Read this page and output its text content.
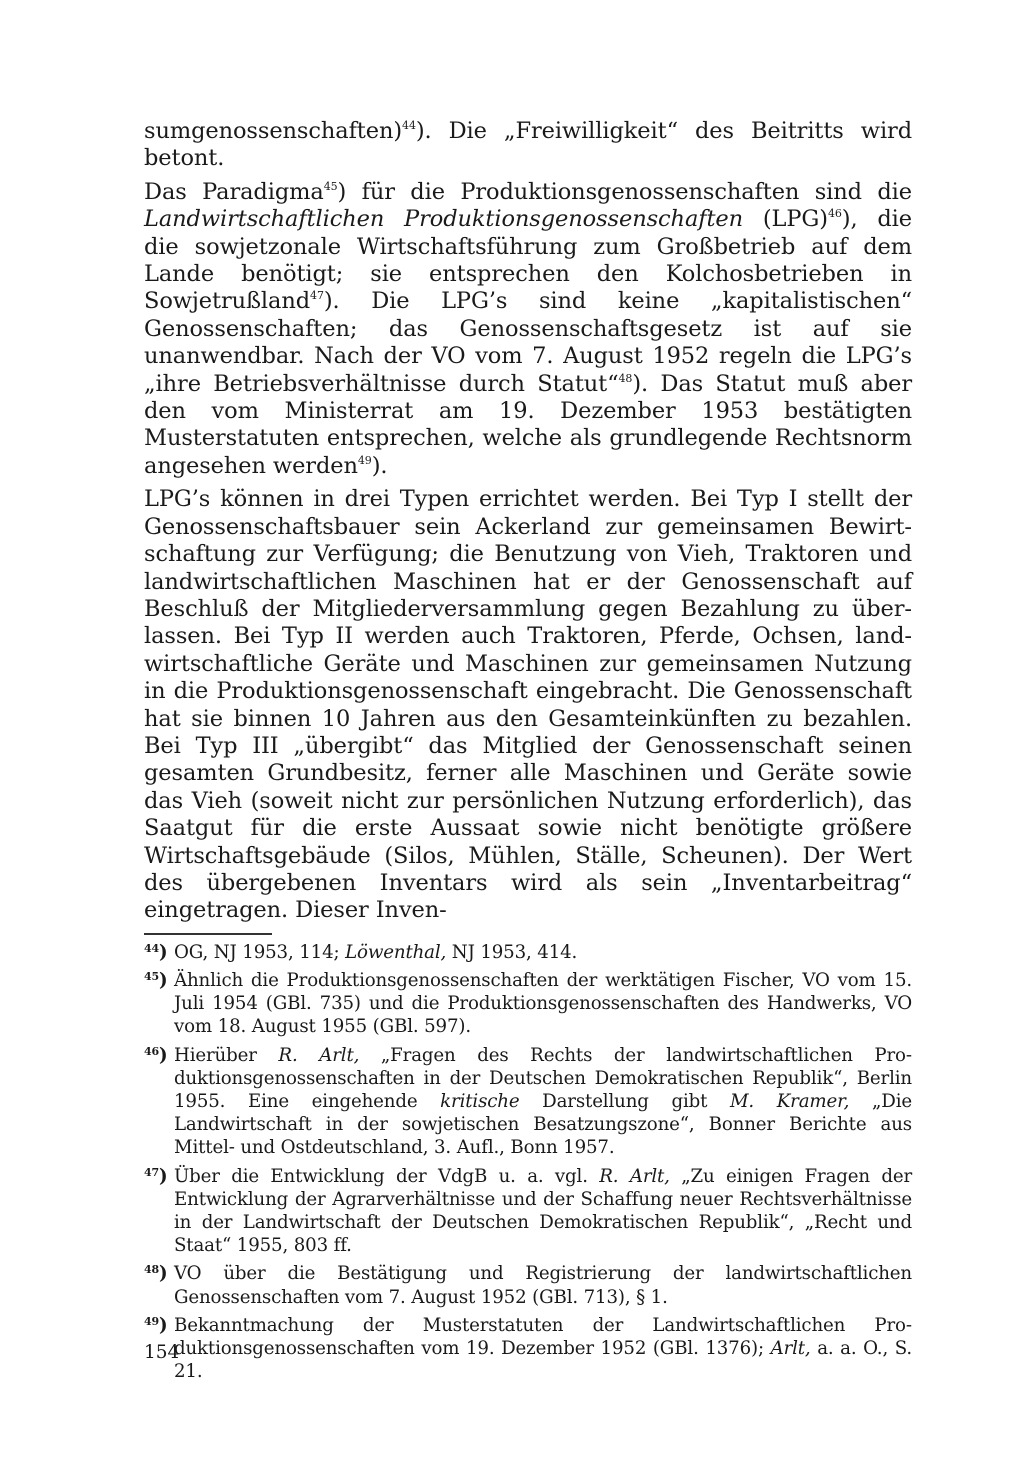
sumgenossenschaften)$^{44}$). Die „Freiwilligkeit“ des Beitritts wird betont.

Das Paradigma$^{45}$) für die Produktionsgenossenschaften sind die Landwirtschaftlichen Produktionsgenossenschaften (LPG)$^{46}$), die die sowjetzonale Wirtschaftsführung zum Großbetrieb auf dem Lande benötigt; sie entsprechen den Kolchosbetrieben in Sowjetrußland$^{47}$). Die LPG’s sind keine „kapitalistischen“ Genossenschaften; das Genossenschaftsgesetz ist auf sie unanwendbar. Nach der VO vom 7. August 1952 regeln die LPG’s „ihre Betriebsverhältnisse durch Statut“$^{48}$). Das Statut muß aber den vom Ministerrat am 19. Dezember 1953 bestätigten Musterstatuten entsprechen, welche als grundlegende Rechtsnorm angesehen werden$^{49}$).

LPG’s können in drei Typen errichtet werden. Bei Typ I stellt der Genossenschaftsbauer sein Ackerland zur gemeinsamen Bewirtschaftung zur Verfügung; die Benutzung von Vieh, Traktoren und landwirtschaftlichen Maschinen hat er der Genossenschaft auf Beschluß der Mitgliederversammlung gegen Bezahlung zu überlassen. Bei Typ II werden auch Traktoren, Pferde, Ochsen, landwirtschaftliche Geräte und Maschinen zur gemeinsamen Nutzung in die Produktionsgenossenschaft eingebracht. Die Genossenschaft hat sie binnen 10 Jahren aus den Gesamteinkünften zu bezahlen. Bei Typ III „übergibt“ das Mitglied der Genossenschaft seinen gesamten Grundbesitz, ferner alle Maschinen und Geräte sowie das Vieh (soweit nicht zur persönlichen Nutzung erforderlich), das Saatgut für die erste Aussaat sowie nicht benötigte größere Wirtschaftsgebäude (Silos, Mühlen, Ställe, Scheunen). Der Wert des übergebenen Inventars wird als sein „Inventarbeitrag“ eingetragen. Dieser Inven-

$^{44}$) OG, NJ 1953, 114; Löwenthal, NJ 1953, 414.
$^{45}$) Ähnlich die Produktionsgenossenschaften der werktätigen Fischer, VO vom 15. Juli 1954 (GBl. 735) und die Produktionsgenossenschaften des Handwerks, VO vom 18. August 1955 (GBl. 597).
$^{46}$) Hierüber R. Arlt, „Fragen des Rechts der landwirtschaftlichen Produktionsgenossenschaften in der Deutschen Demokratischen Republik“, Berlin 1955. Eine eingehende kritische Darstellung gibt M. Kramer, „Die Landwirtschaft in der sowjetischen Besatzungszone“, Bonner Berichte aus Mittel- und Ostdeutschland, 3. Aufl., Bonn 1957.
$^{47}$) Über die Entwicklung der VdgB u. a. vgl. R. Arlt, „Zu einigen Fragen der Entwicklung der Agrarverhältnisse und der Schaffung neuer Rechtsverhältnisse in der Landwirtschaft der Deutschen Demokratischen Republik“, „Recht und Staat“ 1955, 803 ff.
$^{48}$) VO über die Bestätigung und Registrierung der landwirtschaftlichen Genossenschaften vom 7. August 1952 (GBl. 713), § 1.
$^{49}$) Bekanntmachung der Musterstatuten der Landwirtschaftlichen Produktionsgenossenschaften vom 19. Dezember 1952 (GBl. 1376); Arlt, a. a. O., S. 21.
154
